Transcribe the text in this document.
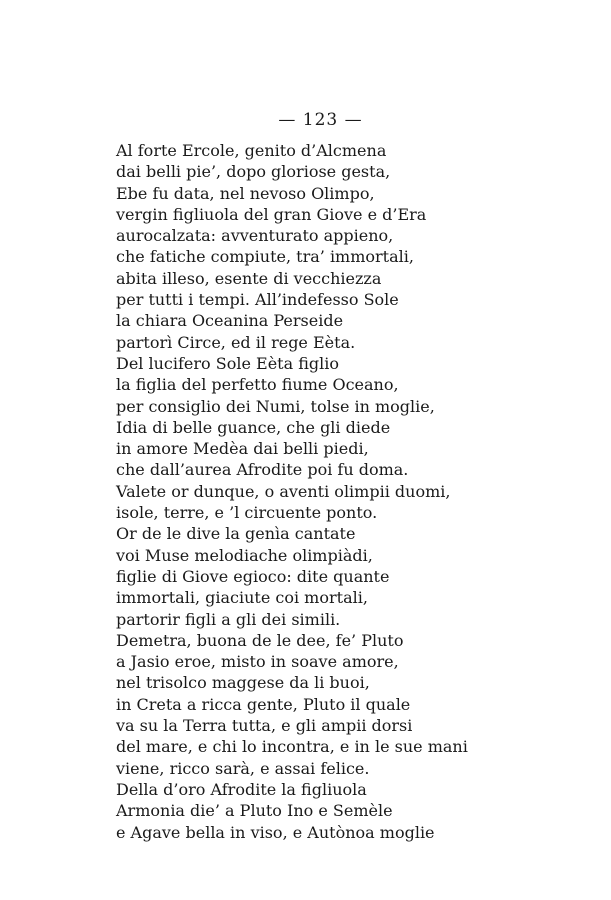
— 123 —
Al forte Ercole, genito d’Alcmena
dai belli pie’, dopo gloriose gesta,
Ebe fu data, nel nevoso Olimpo,
vergin figliuola del gran Giove e d’Era
aurocalzata: avventurato appieno,
che fatiche compiute, tra’ immortali,
abita illeso, esente di vecchiezza
per tutti i tempi. All’indefesso Sole
la chiara Oceanina Perseide
partorì Circe, ed il rege Eèta.
Del lucifero Sole Eèta figlio
la figlia del perfetto fiume Oceano,
per consiglio dei Numi, tolse in moglie,
Idia di belle guance, che gli diede
in amore Medèa dai belli piedi,
che dall’aurea Afrodite poi fu doma.
Valete or dunque, o aventi olimpii duomi,
isole, terre, e ’l circuente ponto.
Or de le dive la genìa cantate
voi Muse melodiache olimpiàdi,
figlie di Giove egioco: dite quante
immortali, giaciute coi mortali,
partorir figli a gli dei simili.
Demetra, buona de le dee, fe’ Pluto
a Jasio eroe, misto in soave amore,
nel trisolco maggese da li buoi,
in Creta a ricca gente, Pluto il quale
va su la Terra tutta, e gli ampii dorsi
del mare, e chi lo incontra, e in le sue mani
viene, ricco sarà, e assai felice.
Della d’oro Afrodite la figliuola
Armonia die’ a Pluto Ino e Semèle
e Agave bella in viso, e Autònoa moglie
